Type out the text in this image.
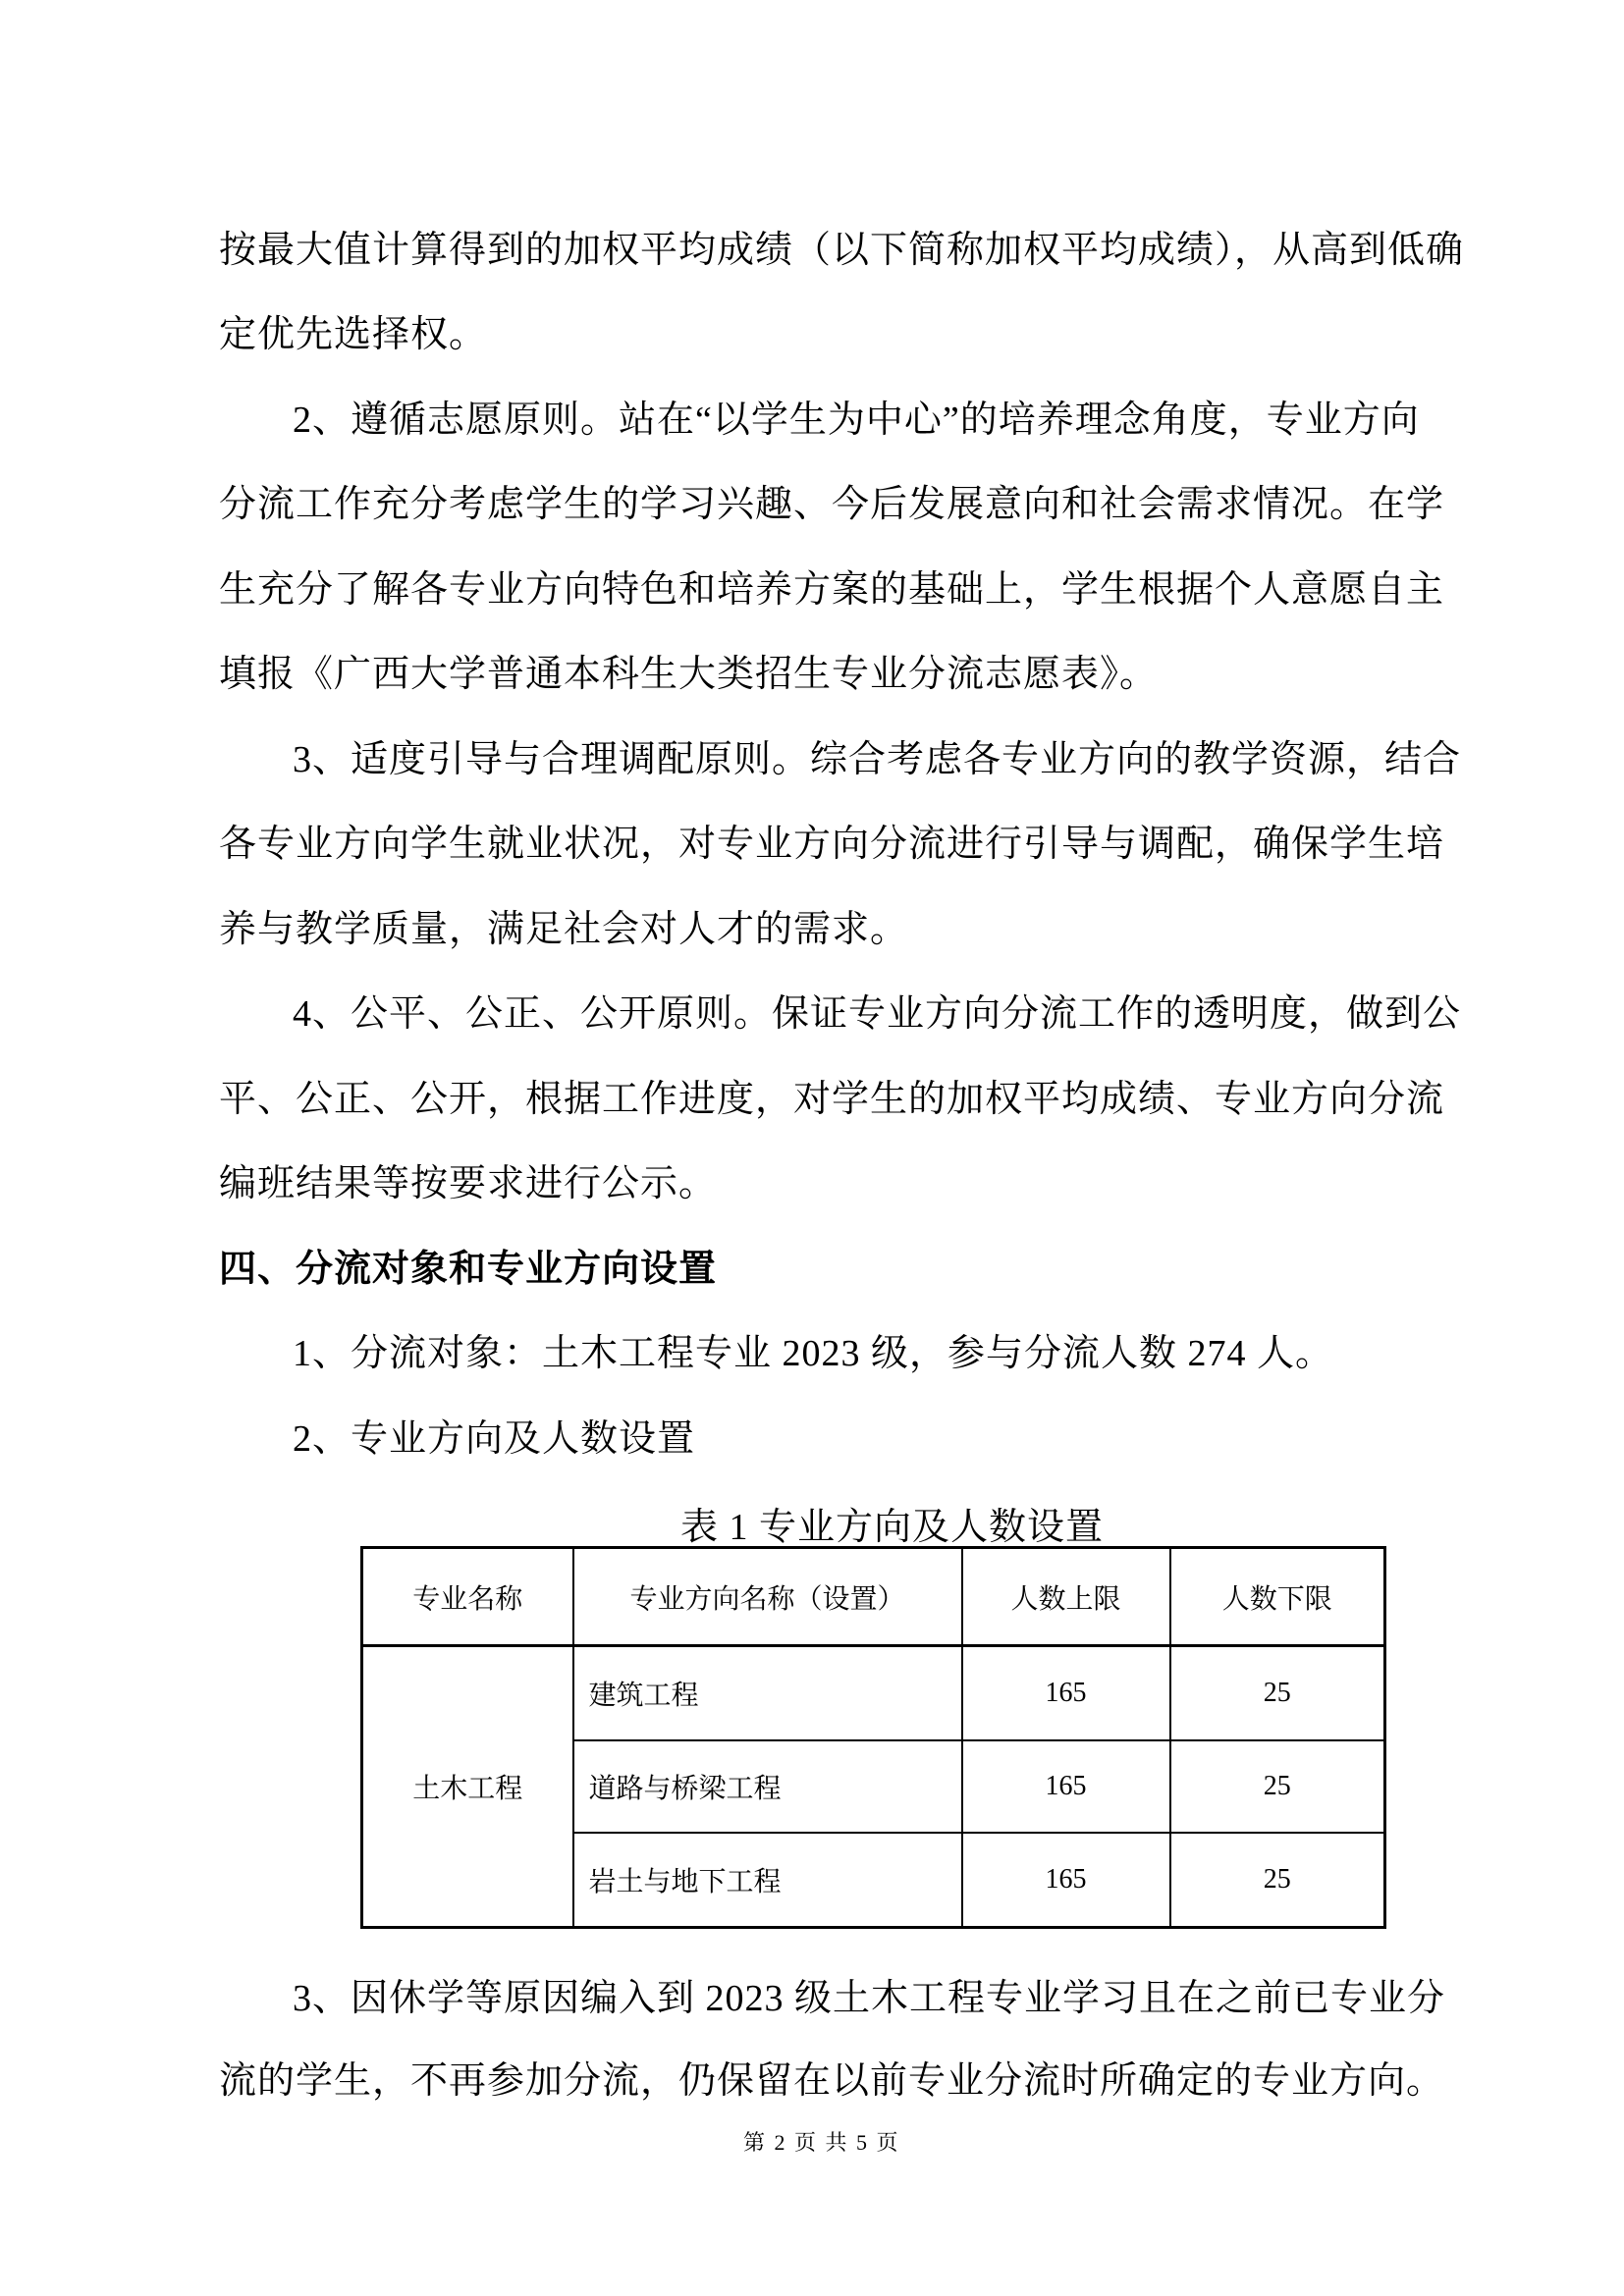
按最大值计算得到的加权平均成绩（以下简称加权平均成绩），从高到低确
定优先选择权。
2、遵循志愿原则。站在“以学生为中心”的培养理念角度，专业方向
分流工作充分考虑学生的学习兴趣、今后发展意向和社会需求情况。在学
生充分了解各专业方向特色和培养方案的基础上，学生根据个人意愿自主
填报《广西大学普通本科生大类招生专业分流志愿表》。
3、适度引导与合理调配原则。综合考虑各专业方向的教学资源，结合
各专业方向学生就业状况，对专业方向分流进行引导与调配，确保学生培
养与教学质量，满足社会对人才的需求。
4、公平、公正、公开原则。保证专业方向分流工作的透明度，做到公
平、公正、公开，根据工作进度，对学生的加权平均成绩、专业方向分流
编班结果等按要求进行公示。
四、分流对象和专业方向设置
1、分流对象：土木工程专业 2023 级，参与分流人数 274 人。
2、专业方向及人数设置
表 1 专业方向及人数设置
专业名称	专业方向名称（设置）	人数上限	人数下限
土木工程	建筑工程	165	25
	道路与桥梁工程	165	25
	岩土与地下工程	165	25
3、因休学等原因编入到 2023 级土木工程专业学习且在之前已专业分
流的学生，不再参加分流，仍保留在以前专业分流时所确定的专业方向。
第 2 页 共 5 页
